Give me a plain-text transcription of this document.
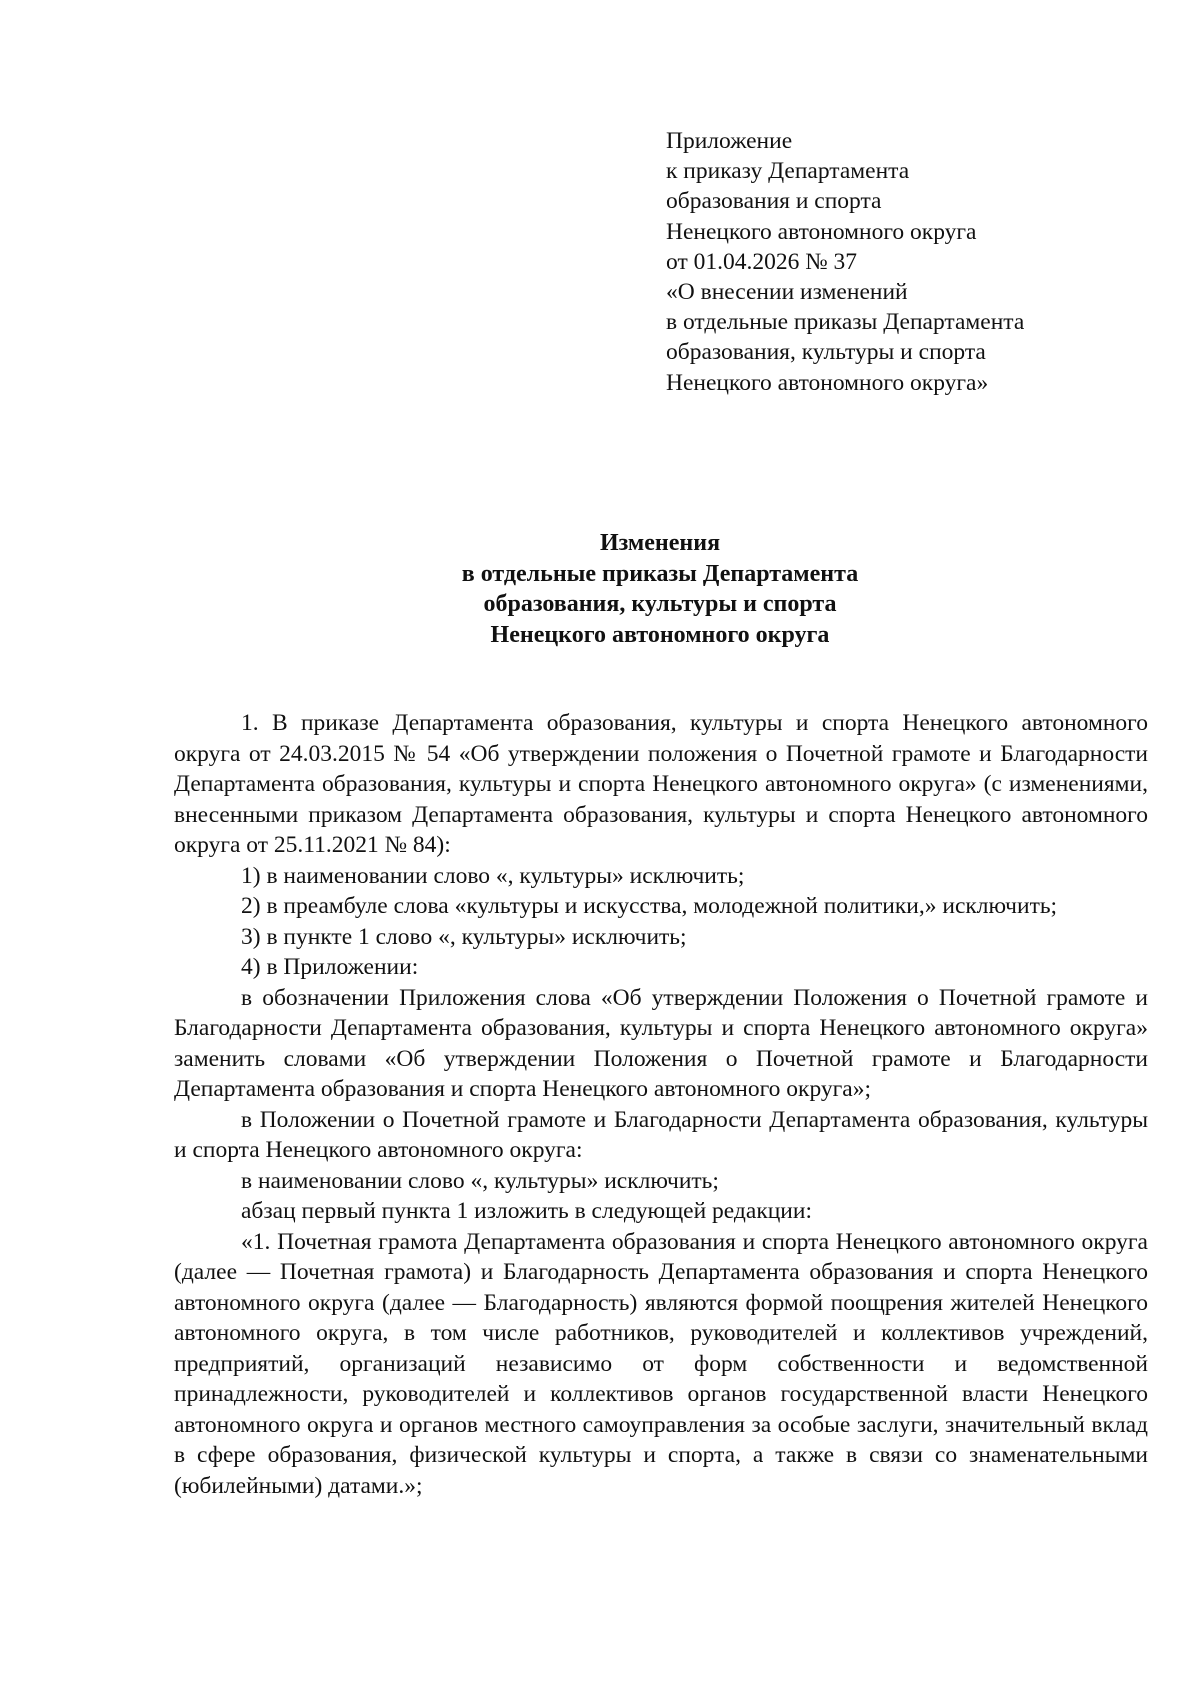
Приложение
к приказу Департамента
образования и спорта
Ненецкого автономного округа
от 01.04.2026 № 37
«О внесении изменений
в отдельные приказы Департамента
образования, культуры и спорта
Ненецкого автономного округа»
Изменения
в отдельные приказы Департамента
образования, культуры и спорта
Ненецкого автономного округа

1. В приказе Департамента образования, культуры и спорта Ненецкого автономного округа от 24.03.2015 № 54 «Об утверждении положения о Почетной грамоте и Благодарности Департамента образования, культуры и спорта Ненецкого автономного округа» (с изменениями, внесенными приказом Департамента образования, культуры и спорта Ненецкого автономного округа от 25.11.2021 № 84):

1) в наименовании слово «, культуры» исключить;

2) в преамбуле слова «культуры и искусства, молодежной политики,» исключить;

3) в пункте 1 слово «, культуры» исключить;

4) в Приложении:

в обозначении Приложения слова «Об утверждении Положения о Почетной грамоте и Благодарности Департамента образования, культуры и спорта Ненецкого автономного округа» заменить словами «Об утверждении Положения о Почетной грамоте и Благодарности Департамента образования и спорта Ненецкого автономного округа»;

в Положении о Почетной грамоте и Благодарности Департамента образования, культуры и спорта Ненецкого автономного округа:

в наименовании слово «, культуры» исключить;

абзац первый пункта 1 изложить в следующей редакции:

«1. Почетная грамота Департамента образования и спорта Ненецкого автономного округа (далее — Почетная грамота) и Благодарность Департамента образования и спорта Ненецкого автономного округа (далее — Благодарность) являются формой поощрения жителей Ненецкого автономного округа, в том числе работников, руководителей и коллективов учреждений, предприятий, организаций независимо от форм собственности и ведомственной принадлежности, руководителей и коллективов органов государственной власти Ненецкого автономного округа и органов местного самоуправления за особые заслуги, значительный вклад в сфере образования, физической культуры и спорта, а также в связи со знаменательными (юбилейными) датами.»;
